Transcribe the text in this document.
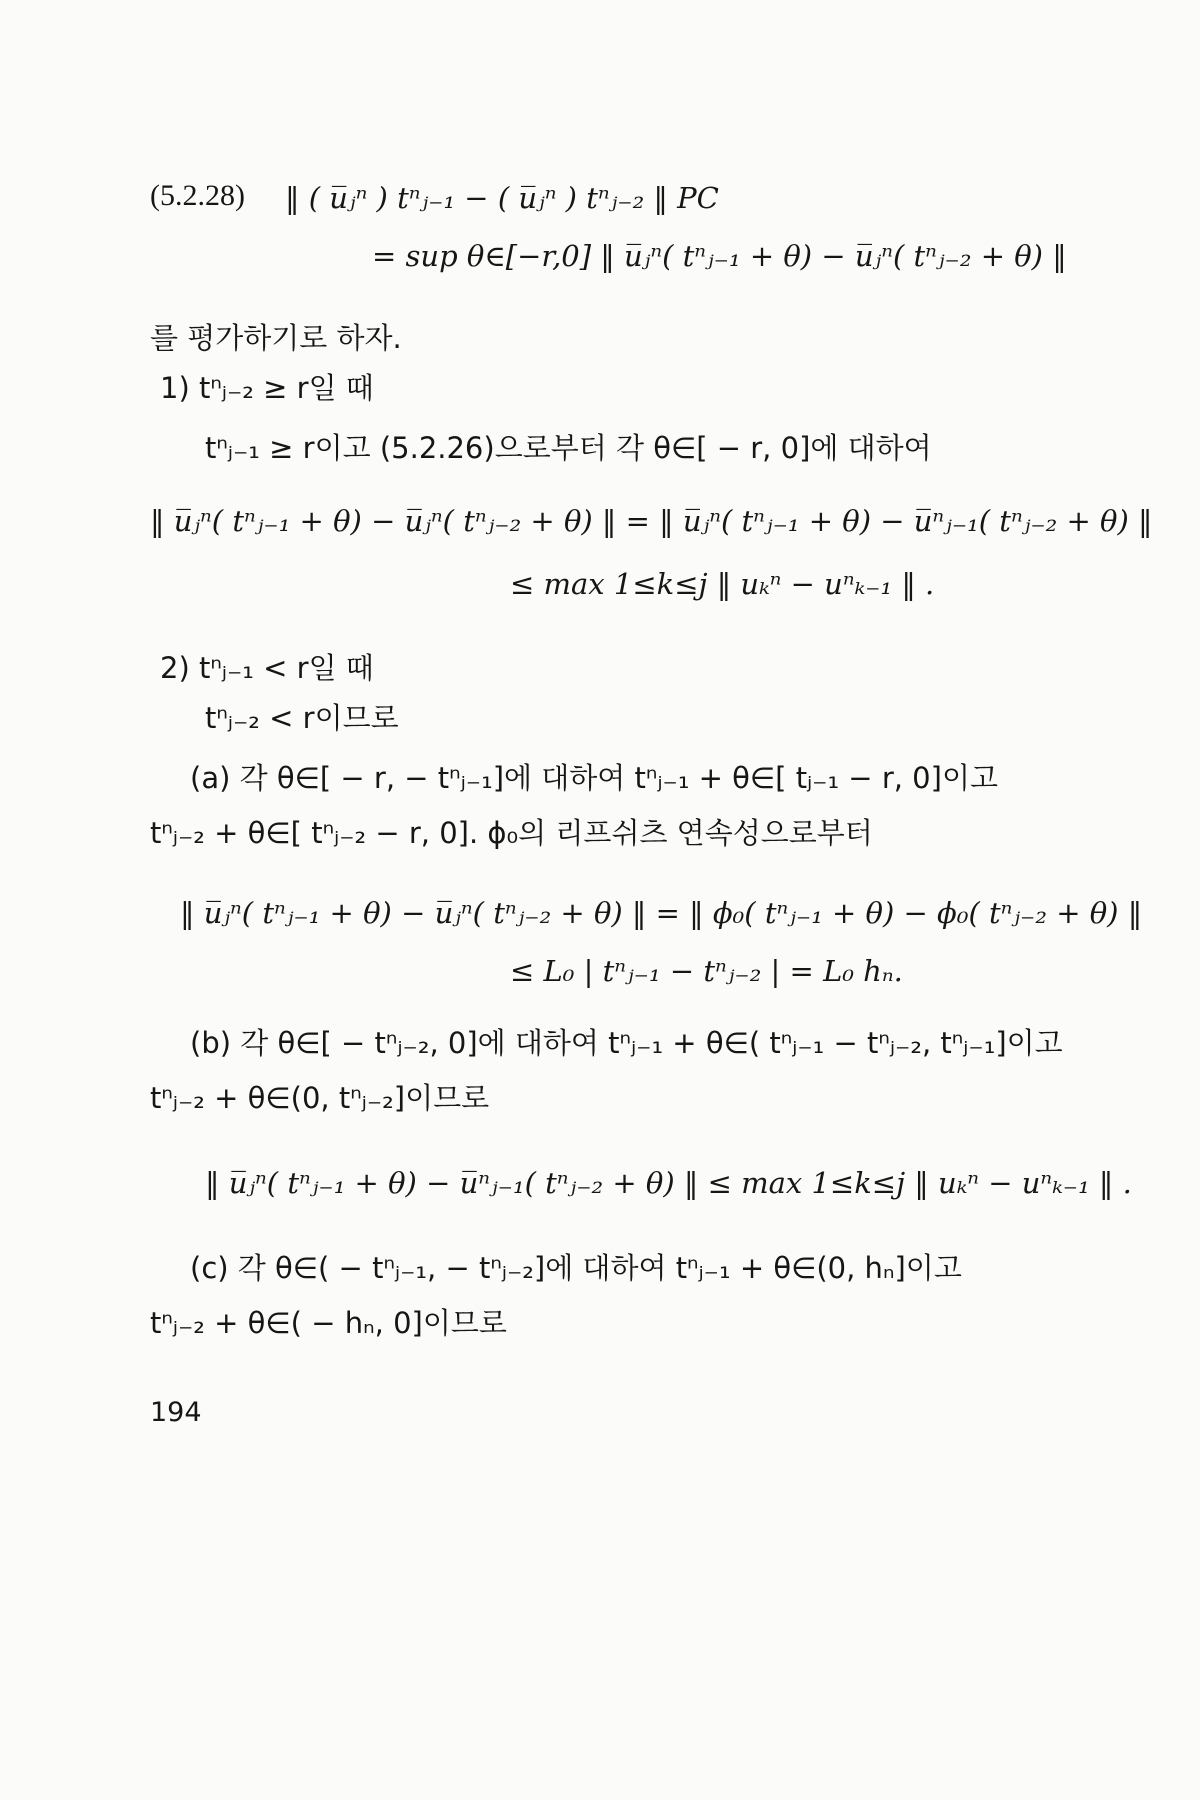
(5.2.28) ‖ ( u̅ⱼⁿ ) tⁿⱼ₋₁ − ( u̅ⱼⁿ ) tⁿⱼ₋₂ ‖ PC
= sup θ∈[−r,0] ‖ u̅ⱼⁿ( tⁿⱼ₋₁ + θ) − u̅ⱼⁿ( tⁿⱼ₋₂ + θ) ‖
를 평가하기로 하자.
1) tⁿⱼ₋₂ ≥ r일 때
tⁿⱼ₋₁ ≥ r이고 (5.2.26)으로부터 각 θ∈[ − r, 0]에 대하여
‖ u̅ⱼⁿ( tⁿⱼ₋₁ + θ) − u̅ⱼⁿ( tⁿⱼ₋₂ + θ) ‖ = ‖ u̅ⱼⁿ( tⁿⱼ₋₁ + θ) − u̅ⁿⱼ₋₁( tⁿⱼ₋₂ + θ) ‖
≤ max 1≤k≤j ‖ uₖⁿ − uⁿₖ₋₁ ‖ .
2) tⁿⱼ₋₁ < r일 때
tⁿⱼ₋₂ < r이므로
(a) 각 θ∈[ − r, − tⁿⱼ₋₁]에 대하여 tⁿⱼ₋₁ + θ∈[ tⱼ₋₁ − r, 0]이고
tⁿⱼ₋₂ + θ∈[ tⁿⱼ₋₂ − r, 0]. ϕ₀의 리프쉬츠 연속성으로부터
‖ u̅ⱼⁿ( tⁿⱼ₋₁ + θ) − u̅ⱼⁿ( tⁿⱼ₋₂ + θ) ‖ = ‖ ϕ₀( tⁿⱼ₋₁ + θ) − ϕ₀( tⁿⱼ₋₂ + θ) ‖
≤ L₀ | tⁿⱼ₋₁ − tⁿⱼ₋₂ | = L₀ hₙ.
(b) 각 θ∈[ − tⁿⱼ₋₂, 0]에 대하여 tⁿⱼ₋₁ + θ∈( tⁿⱼ₋₁ − tⁿⱼ₋₂, tⁿⱼ₋₁]이고
tⁿⱼ₋₂ + θ∈(0, tⁿⱼ₋₂]이므로
‖ u̅ⱼⁿ( tⁿⱼ₋₁ + θ) − u̅ⁿⱼ₋₁( tⁿⱼ₋₂ + θ) ‖ ≤ max 1≤k≤j ‖ uₖⁿ − uⁿₖ₋₁ ‖ .
(c) 각 θ∈( − tⁿⱼ₋₁, − tⁿⱼ₋₂]에 대하여 tⁿⱼ₋₁ + θ∈(0, hₙ]이고
tⁿⱼ₋₂ + θ∈( − hₙ, 0]이므로
194
